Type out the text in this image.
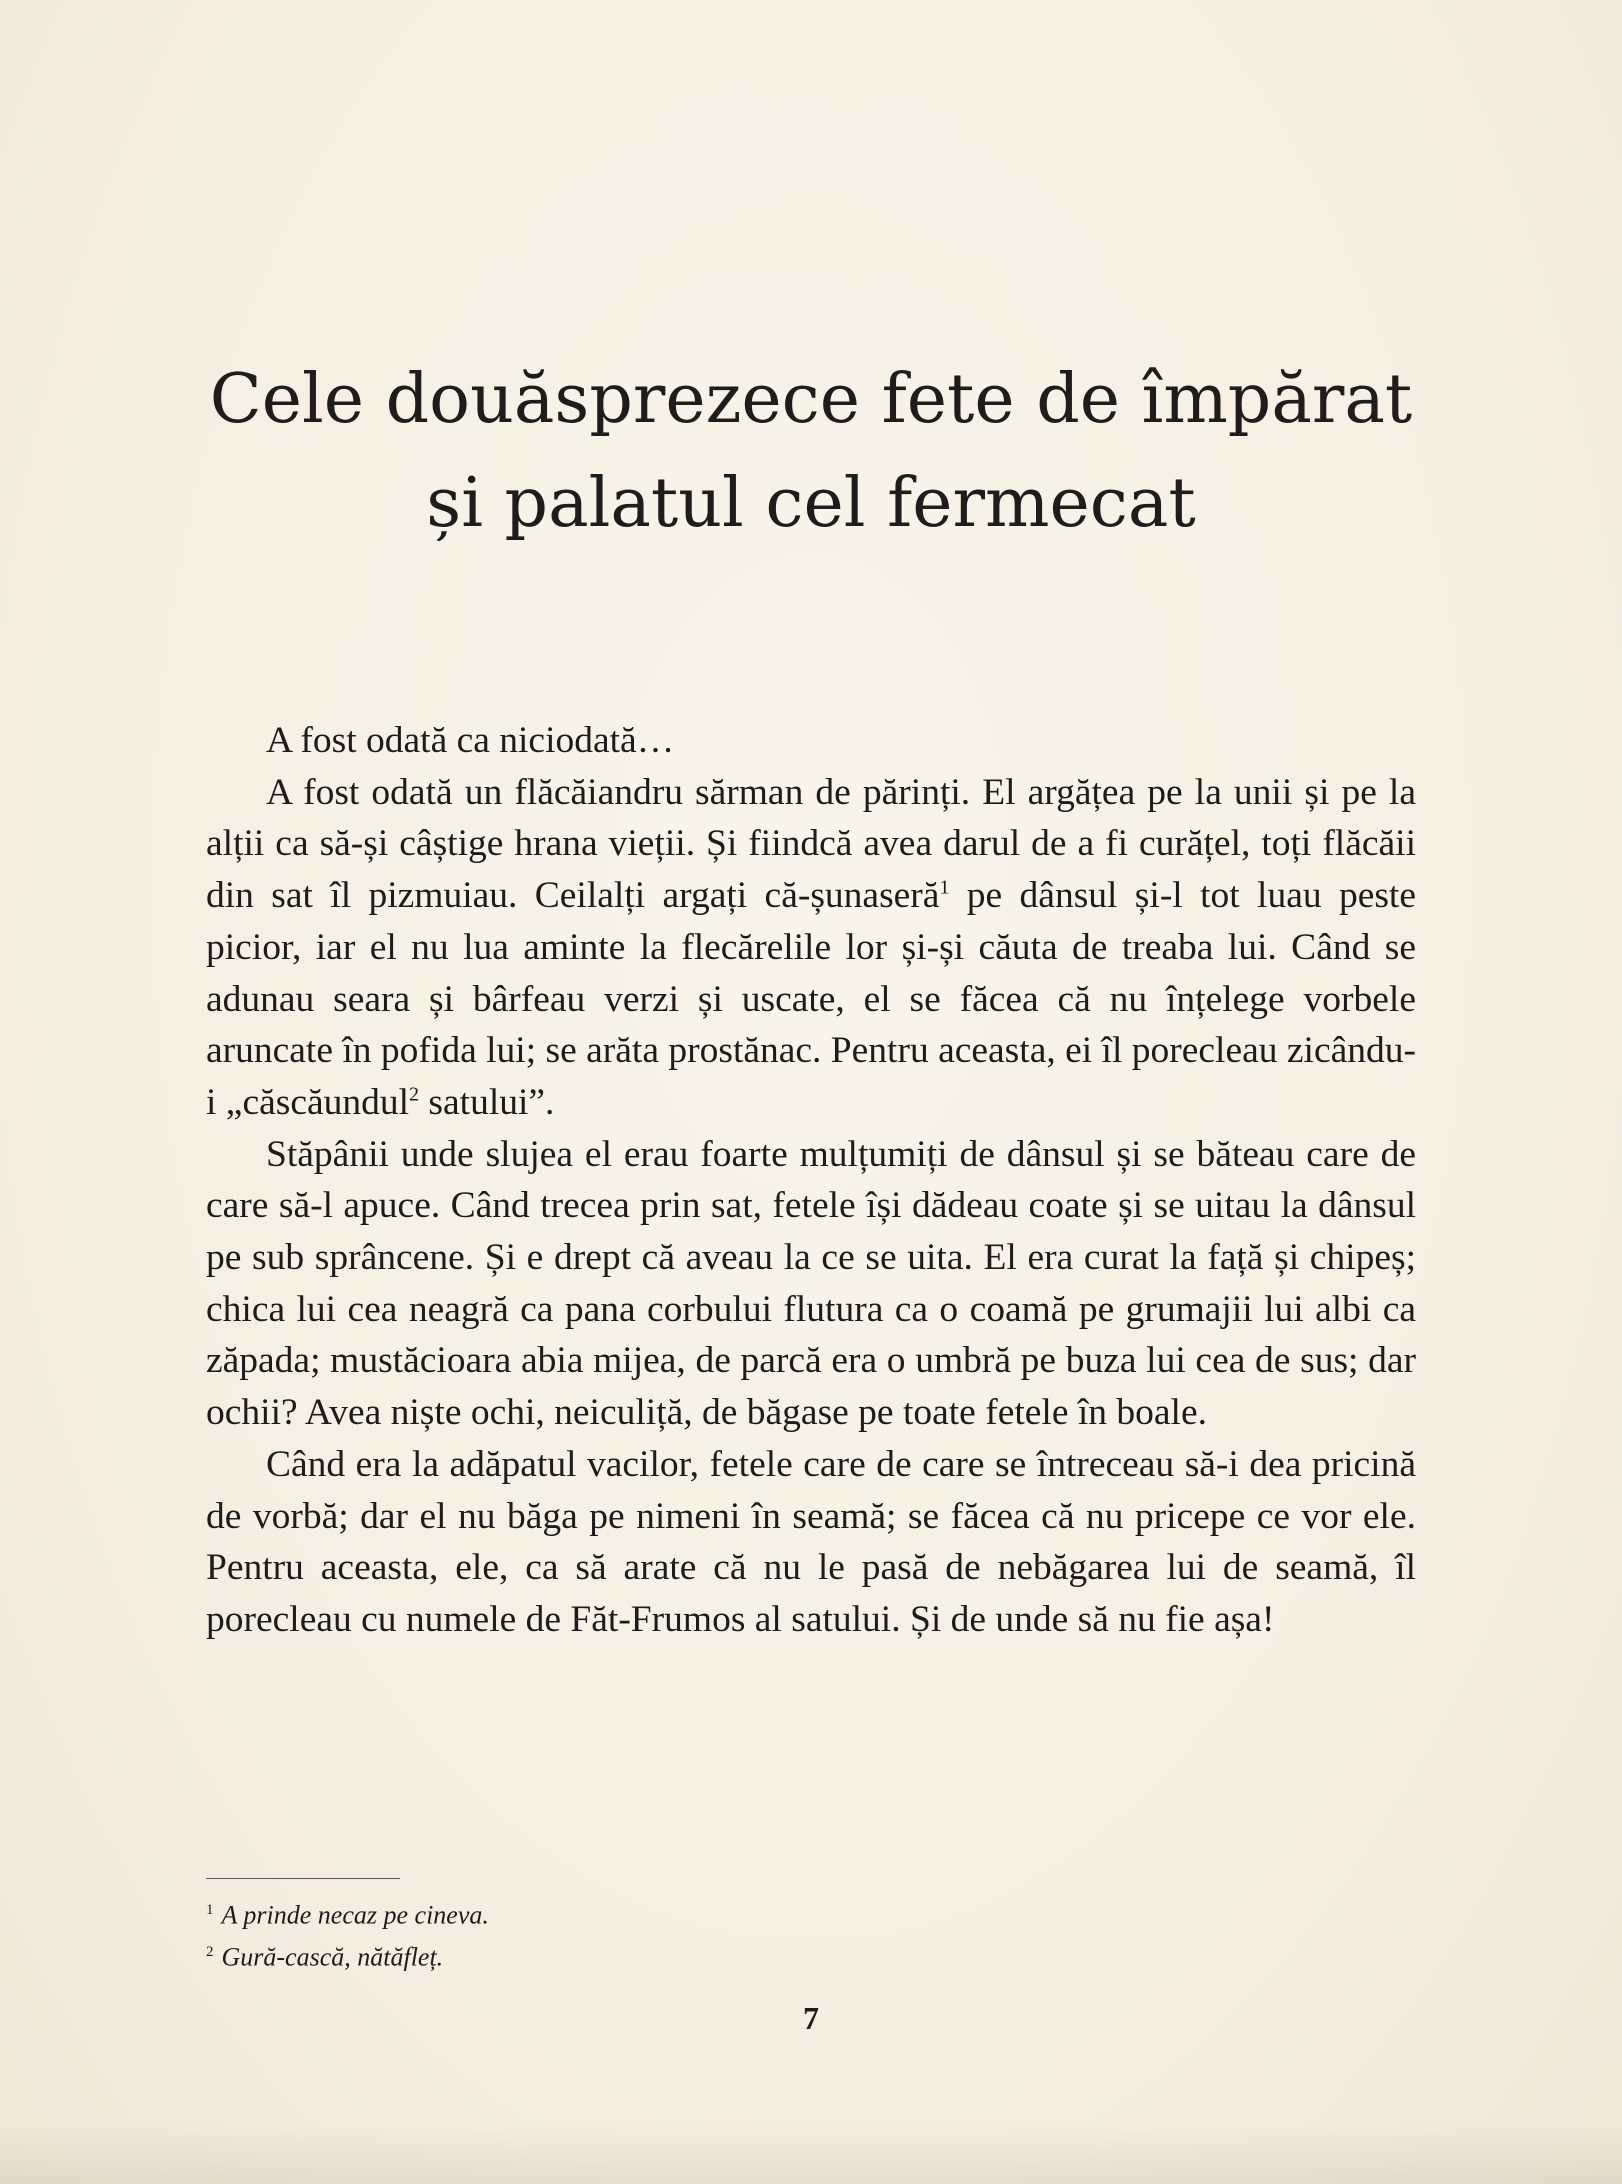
Cele douăsprezece fete de împărat
și palatul cel fermecat

A fost odată ca niciodată…

A fost odată un flăcăiandru sărman de părinți. El argățea pe la unii și pe la alții ca să-și câștige hrana vieții. Și fiindcă avea darul de a fi curățel, toți flăcăii din sat îl pizmuiau. Ceilalți argați că-șunaseră$^1$ pe dânsul și-l tot luau peste picior, iar el nu lua aminte la flecărelile lor și-și căuta de treaba lui. Când se adunau seara și bârfeau verzi și uscate, el se făcea că nu înțelege vorbele aruncate în pofida lui; se arăta prostănac. Pentru aceasta, ei îl porecleau zicându-i „căscăundul$^2$ satului”.

Stăpânii unde slujea el erau foarte mulțumiți de dânsul și se băteau care de care să-l apuce. Când trecea prin sat, fetele își dădeau coate și se uitau la dânsul pe sub sprâncene. Și e drept că aveau la ce se uita. El era curat la față și chipeș; chica lui cea neagră ca pana corbului flutura ca o coamă pe grumajii lui albi ca zăpada; mustăcioara abia mijea, de parcă era o umbră pe buza lui cea de sus; dar ochii? Avea niște ochi, neiculiță, de băgase pe toate fetele în boale.

Când era la adăpatul vacilor, fetele care de care se întreceau să-i dea pricină de vorbă; dar el nu băga pe nimeni în seamă; se făcea că nu pricepe ce vor ele. Pentru aceasta, ele, ca să arate că nu le pasă de nebăgarea lui de seamă, îl porecleau cu numele de Făt-Frumos al satului. Și de unde să nu fie așa!

$^1$ A prinde necaz pe cineva.
$^2$ Gură-cască, nătăfleț.
7
